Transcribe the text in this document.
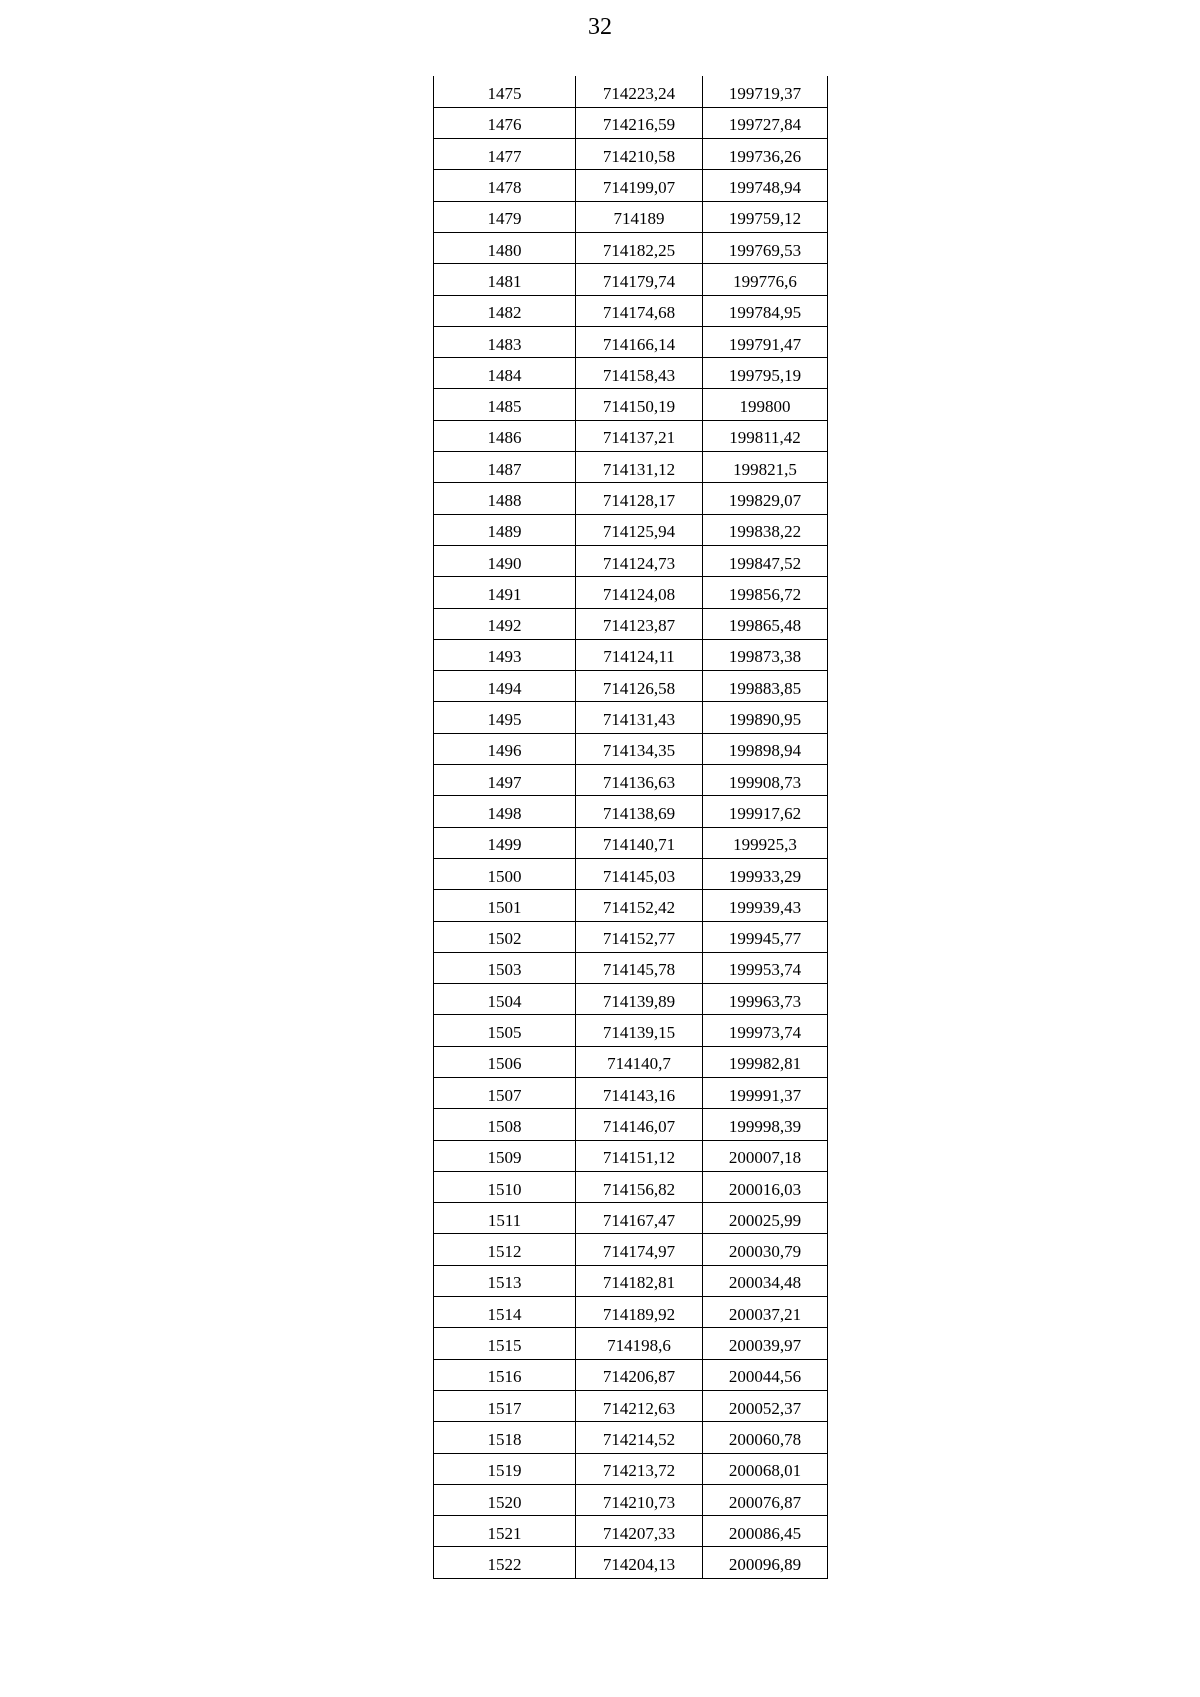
32
1475	714223,24	199719,37
1476	714216,59	199727,84
1477	714210,58	199736,26
1478	714199,07	199748,94
1479	714189	199759,12
1480	714182,25	199769,53
1481	714179,74	199776,6
1482	714174,68	199784,95
1483	714166,14	199791,47
1484	714158,43	199795,19
1485	714150,19	199800
1486	714137,21	199811,42
1487	714131,12	199821,5
1488	714128,17	199829,07
1489	714125,94	199838,22
1490	714124,73	199847,52
1491	714124,08	199856,72
1492	714123,87	199865,48
1493	714124,11	199873,38
1494	714126,58	199883,85
1495	714131,43	199890,95
1496	714134,35	199898,94
1497	714136,63	199908,73
1498	714138,69	199917,62
1499	714140,71	199925,3
1500	714145,03	199933,29
1501	714152,42	199939,43
1502	714152,77	199945,77
1503	714145,78	199953,74
1504	714139,89	199963,73
1505	714139,15	199973,74
1506	714140,7	199982,81
1507	714143,16	199991,37
1508	714146,07	199998,39
1509	714151,12	200007,18
1510	714156,82	200016,03
1511	714167,47	200025,99
1512	714174,97	200030,79
1513	714182,81	200034,48
1514	714189,92	200037,21
1515	714198,6	200039,97
1516	714206,87	200044,56
1517	714212,63	200052,37
1518	714214,52	200060,78
1519	714213,72	200068,01
1520	714210,73	200076,87
1521	714207,33	200086,45
1522	714204,13	200096,89
